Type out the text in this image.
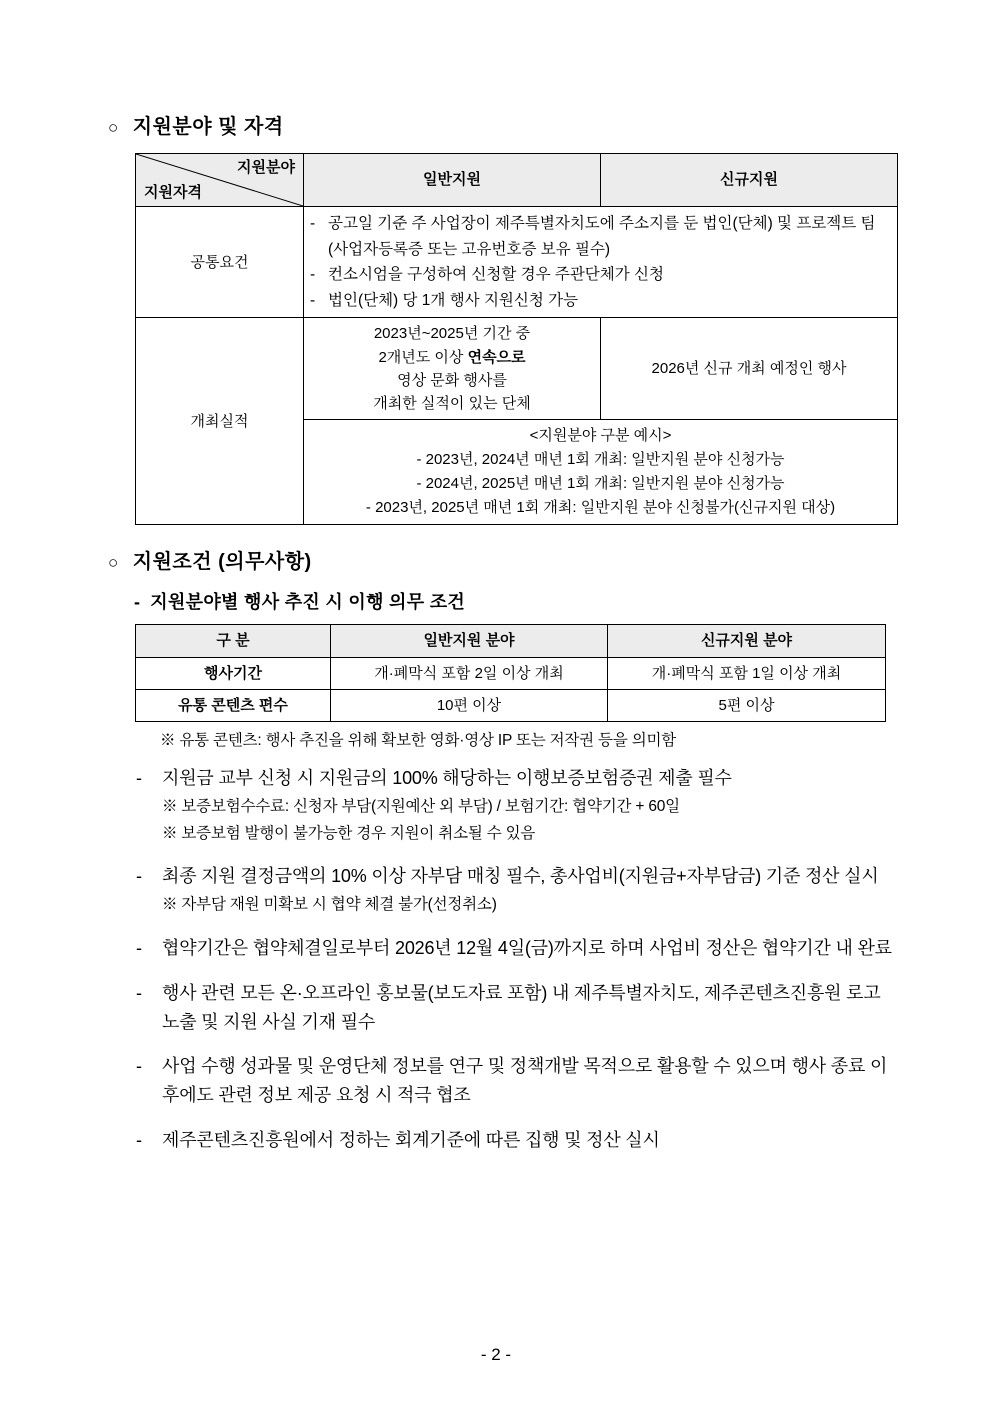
○ 지원분야 및 자격
지원분야
지원자격	일반지원	신규지원
공통요건	
- 공고일 기준 주 사업장이 제주특별자치도에 주소지를 둔 법인(단체) 및 프로젝트 팀 (사업자등록증 또는 고유번호증 보유 필수)
- 컨소시엄을 구성하여 신청할 경우 주관단체가 신청
- 법인(단체) 당 1개 행사 지원신청 가능

개최실적	2023년~2025년 기간 중
2개년도 이상 연속으로
영상 문화 행사를
개최한 실적이 있는 단체	2026년 신규 개최 예정인 행사

	<지원분야 구분 예시>
- 2023년, 2024년 매년 1회 개최: 일반지원 분야 신청가능
- 2024년, 2025년 매년 1회 개최: 일반지원 분야 신청가능
- 2023년, 2025년 매년 1회 개최: 일반지원 분야 신청불가(신규지원 대상)	
○ 지원조건 (의무사항)
- 지원분야별 행사 추진 시 이행 의무 조건
구 분	일반지원 분야	신규지원 분야
행사기간	개·폐막식 포함 2일 이상 개최	개·폐막식 포함 1일 이상 개최
유통 콘텐츠 편수	10편 이상	5편 이상
※ 유통 콘텐츠: 행사 추진을 위해 확보한 영화·영상 IP 또는 저작권 등을 의미함
- 지원금 교부 신청 시 지원금의 100% 해당하는 이행보증보험증권 제출 필수
※ 보증보험수수료: 신청자 부담(지원예산 외 부담) / 보험기간: 협약기간 + 60일
※ 보증보험 발행이 불가능한 경우 지원이 취소될 수 있음
- 최종 지원 결정금액의 10% 이상 자부담 매칭 필수, 총사업비(지원금+자부담금) 기준 정산 실시
※ 자부담 재원 미확보 시 협약 체결 불가(선정취소)
- 협약기간은 협약체결일로부터 2026년 12월 4일(금)까지로 하며 사업비 정산은 협약기간 내 완료
- 행사 관련 모든 온·오프라인 홍보물(보도자료 포함) 내 제주특별자치도, 제주콘텐츠진흥원 로고 노출 및 지원 사실 기재 필수
- 사업 수행 성과물 및 운영단체 정보를 연구 및 정책개발 목적으로 활용할 수 있으며 행사 종료 이후에도 관련 정보 제공 요청 시 적극 협조
- 제주콘텐츠진흥원에서 정하는 회계기준에 따른 집행 및 정산 실시
- 2 -
